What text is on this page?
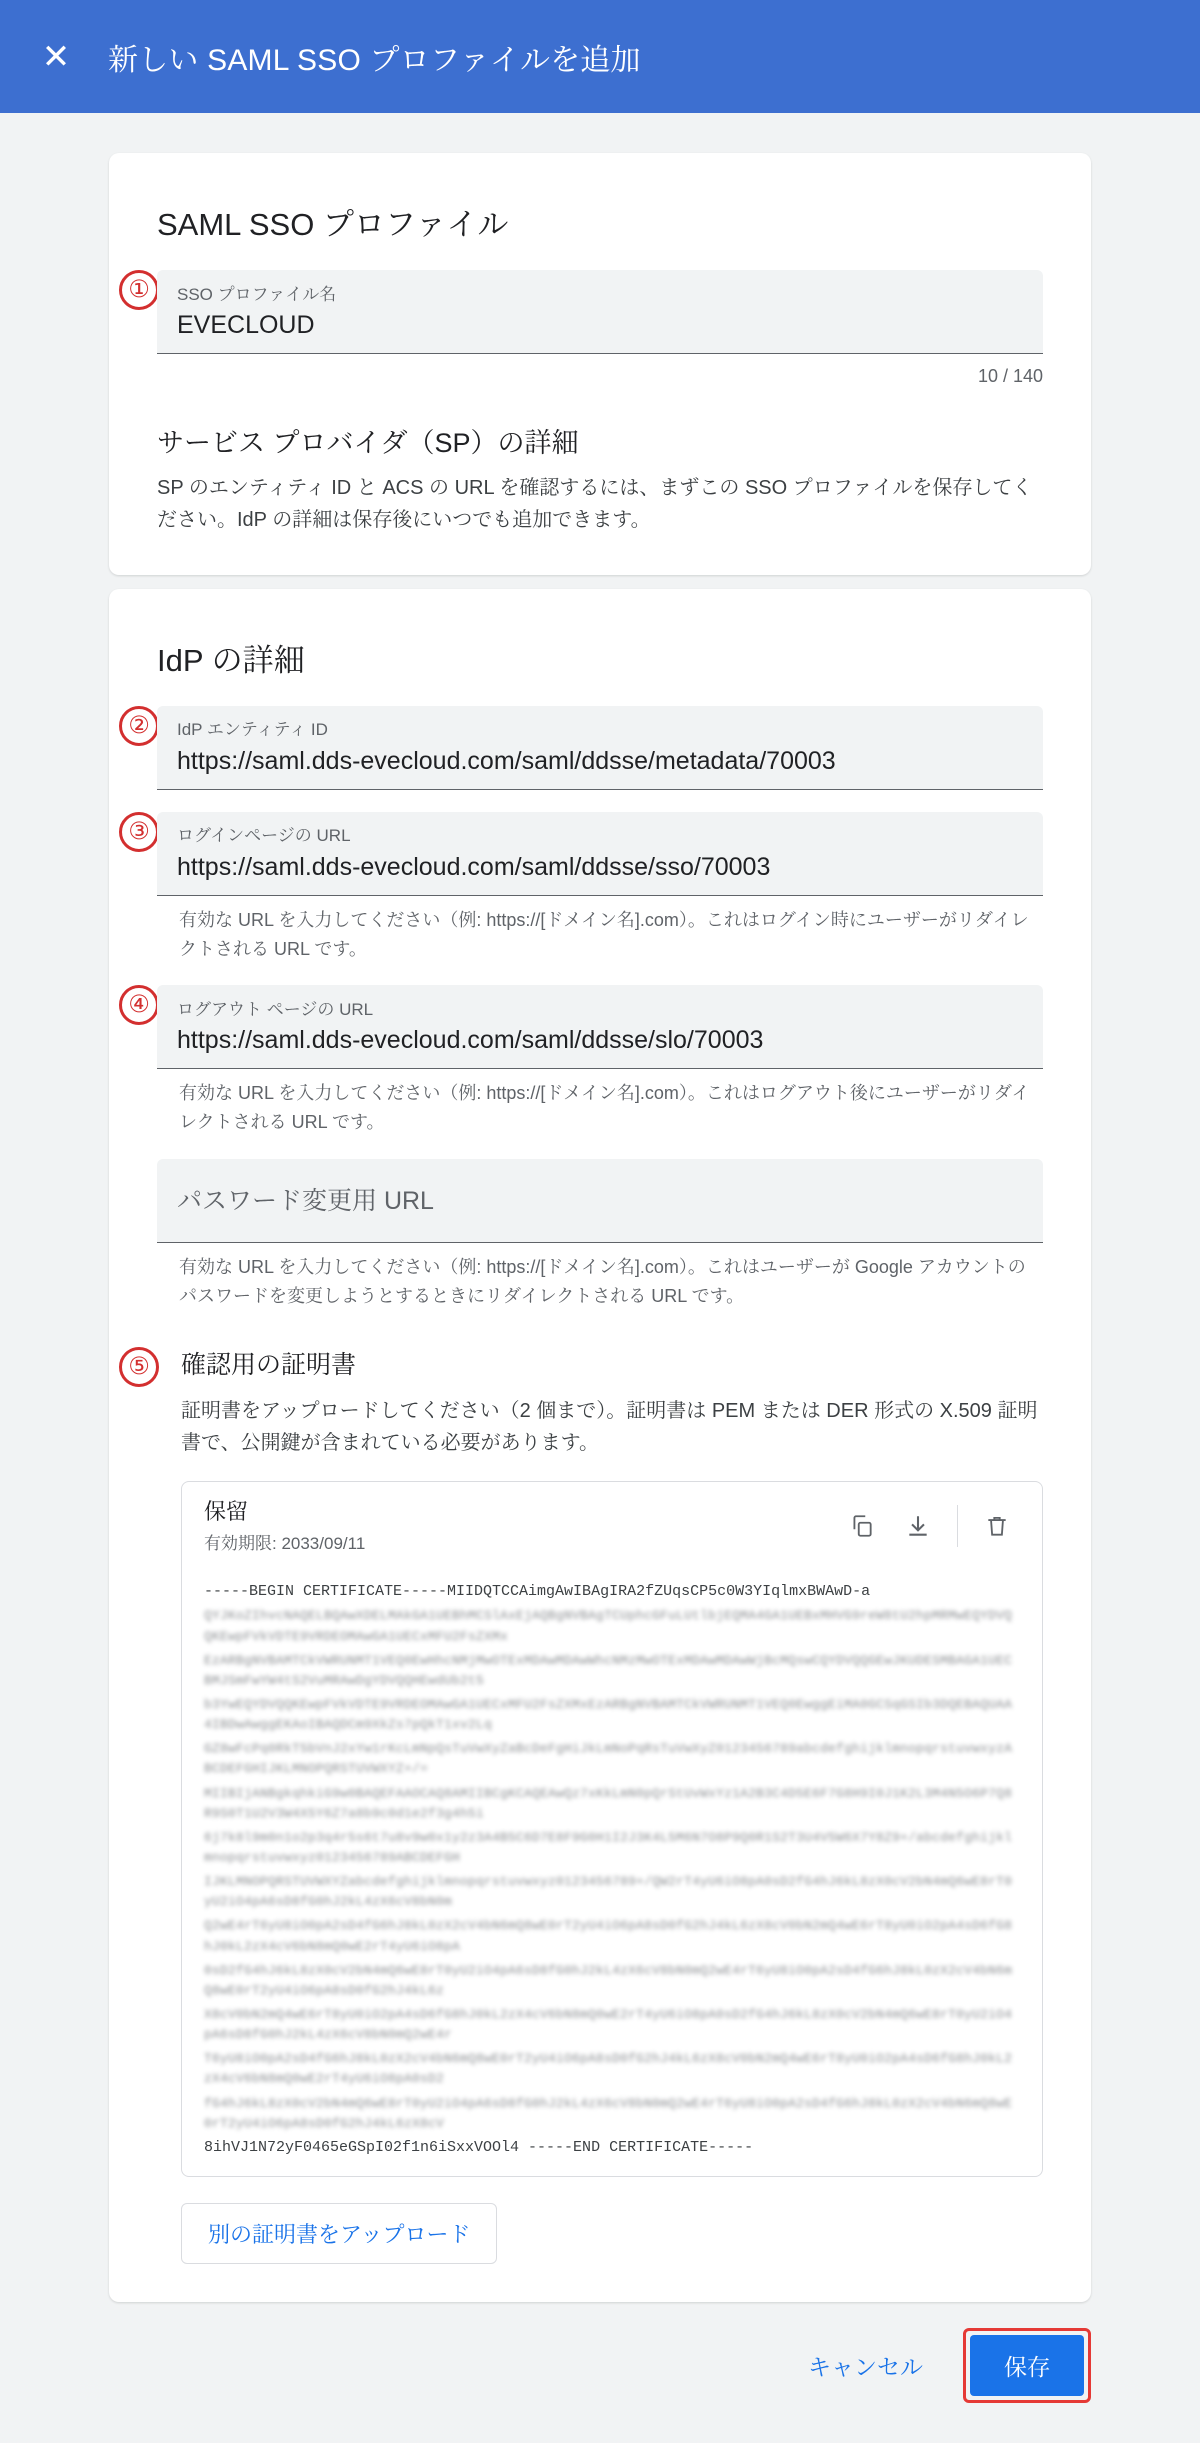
✕	新しい SAML SSO プロファイルを追加
SAML SSO プロファイル
①	SSO プロファイル名
EVECLOUD
10 / 140
サービス プロバイダ（SP）の詳細

SP のエンティティ ID と ACS の URL を確認するには、まずこの SSO プロファイルを保存してください。IdP の詳細は保存後にいつでも追加できます。

IdP の詳細
②	IdP エンティティ ID
https://saml.dds-evecloud.com/saml/ddsse/metadata/70003
③	ログインページの URL
https://saml.dds-evecloud.com/saml/ddsse/sso/70003
有効な URL を入力してください（例: https://[ドメイン名].com）。これはログイン時にユーザーがリダイレクトされる URL です。
④	ログアウト ページの URL
https://saml.dds-evecloud.com/saml/ddsse/slo/70003
有効な URL を入力してください（例: https://[ドメイン名].com）。これはログアウト後にユーザーがリダイレクトされる URL です。
パスワード変更用 URL
有効な URL を入力してください（例: https://[ドメイン名].com）。これはユーザーが Google アカウントのパスワードを変更しようとするときにリダイレクトされる URL です。
⑤	確認用の証明書

証明書をアップロードしてください（2 個まで）。証明書は PEM または DER 形式の X.509 証明書で、公開鍵が含まれている必要があります。

保留
有効期限: 2033/09/11
-----BEGIN CERTIFICATE-----MIIDQTCCAimgAwIBAgIRA2fZUqsCP5c0W3YIqlmxBWAwD-a
QYJKoZIhvcNAQELBQAwXDELMAkGA1UEBhMCSlAxEjAQBgNVBAgTCUphcGFuLUtlbjEQMA4GA1UEBxMHVG9reW8tU2hpMRMwEQYDVQQKEwpFVkVDTE9VRDEOMAwGA1UECxMFU2FsZXMx
EzARBgNVBAMTCkVWRUNMT1VEQ0EwHhcNMjMwOTExMDAwMDAwWhcNMzMwOTExMDAwMDAwWjBcMQswCQYDVQQGEwJKUDESMBAGA1UECBMJSmFwYW4tS2VuMRAwDgYDVQQHEwdUb2t5
b3YwEQYDVQQKEwpFVkVDTE9VRDEOMAwGA1UECxMFU2FsZXMxEzARBgNVBAMTCkVWRUNMT1VEQ0EwggEiMA0GCSqGSIb3DQEBAQUAA4IBDwAwggEKAoIBAQDCm9XkZs7pQkT1xv2Lq
GZ8wFcPq0RkT5bVnJ2xYw1rKcLmNpQsTuVwXyZaBcDeFgHiJkLmNoPqRsTuVwXyZ0123456789abcdefghijklmnopqrstuvwxyzABCDEFGHIJKLMNOPQRSTUVWXYZ+/=
MIIBIjANBgkqhkiG9w0BAQEFAAOCAQ8AMIIBCgKCAQEAwQz7xKkLmN0pQrStUvWxYz1A2B3C4D5E6F7G8H9I0J1K2L3M4N5O6P7Q8R9S0T1U2V3W4X5Y6Z7a8b9c0d1e2f3g4h5i
6j7k8l9m0n1o2p3q4r5s6t7u8v9w0x1y2z3A4B5C6D7E8F9G0H1I2J3K4L5M6N7O8P9Q0R1S2T3U4V5W6X7Y8Z9+/abcdefghijklmnopqrstuvwxyz0123456789ABCDEFGH
IJKLMNOPQRSTUVWXYZabcdefghijklmnopqrstuvwxyz0123456789+/QW2rT4yU6iO8pA0sD2fG4hJ6kL8zX0cV2bN4mQ6wE8rT0yU2iO4pA6sD8fG0hJ2kL4zX6cV8bN0m
Q2wE4rT6yU8iO0pA2sD4fG6hJ8kL0zX2cV4bN6mQ8wE0rT2yU4iO6pA8sD0fG2hJ4kL6zX8cV0bN2mQ4wE6rT8yU0iO2pA4sD6fG8hJ0kL2zX4cV6bN8mQ0wE2rT4yU6iO8pA
0sD2fG4hJ6kL8zX0cV2bN4mQ6wE8rT0yU2iO4pA6sD8fG0hJ2kL4zX6cV8bN0mQ2wE4rT6yU8iO0pA2sD4fG6hJ8kL0zX2cV4bN6mQ8wE0rT2yU4iO6pA8sD0fG2hJ4kL6z
X8cV0bN2mQ4wE6rT8yU0iO2pA4sD6fG8hJ0kL2zX4cV6bN8mQ0wE2rT4yU6iO8pA0sD2fG4hJ6kL8zX0cV2bN4mQ6wE8rT0yU2iO4pA6sD8fG0hJ2kL4zX6cV8bN0mQ2wE4r
T6yU8iO0pA2sD4fG6hJ8kL0zX2cV4bN6mQ8wE0rT2yU4iO6pA8sD0fG2hJ4kL6zX8cV0bN2mQ4wE6rT8yU0iO2pA4sD6fG8hJ0kL2zX4cV6bN8mQ0wE2rT4yU6iO8pA0sD2
fG4hJ6kL8zX0cV2bN4mQ6wE8rT0yU2iO4pA6sD8fG0hJ2kL4zX6cV8bN0mQ2wE4rT6yU8iO0pA2sD4fG6hJ8kL0zX2cV4bN6mQ8wE0rT2yU4iO6pA8sD0fG2hJ4kL6zX8cV
8ihVJ1N72yF0465eGSpI02f1n6iSxxVOOl4 -----END CERTIFICATE-----
別の証明書をアップロード
キャンセル	保存
